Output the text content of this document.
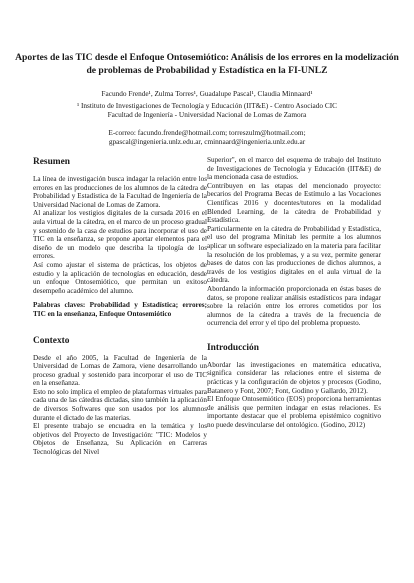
Aportes de las TIC desde el Enfoque Ontosemiótico: Análisis de los errores en la modelización de problemas de Probabilidad y Estadística en la FI-UNLZ
Facundo Frende¹, Zulma Torres¹, Guadalupe Pascal¹, Claudia Minnaard¹
¹ Instituto de Investigaciones de Tecnología y Educación (IIT&E) - Centro Asociado CIC
Facultad de Ingeniería - Universidad Nacional de Lomas de Zamora
E-correo: facundo.frende@hotmail.com; torreszulm@hotmail.com;
gpascal@ingenieria.unlz.edu.ar, cminnaard@ingenieria.unlz.edu.ar
Resumen

La línea de investigación busca indagar la relación entre los errores en las producciones de los alumnos de la cátedra de Probabilidad y Estadística de la Facultad de Ingeniería de la Universidad Nacional de Lomas de Zamora.

Al analizar los vestigios digitales de la cursada 2016 en el aula virtual de la cátedra, en el marco de un proceso gradual y sostenido de la casa de estudios para incorporar el uso de TIC en la enseñanza, se propone aportar elementos para el diseño de un modelo que describa la tipología de los errores.

Así como ajustar el sistema de prácticas, los objetos de estudio y la aplicación de tecnologías en educación, desde un enfoque Ontosemiótico, que permitan un exitoso desempeño académico del alumno.

Palabras claves: Probabilidad y Estadística; errores; TIC en la enseñanza, Enfoque Ontosemiótico

Contexto

Desde el año 2005, la Facultad de Ingeniería de la Universidad de Lomas de Zamora, viene desarrollando un proceso gradual y sostenido para incorporar el uso de TIC en la enseñanza.

Esto no solo implica el empleo de plataformas virtuales para cada una de las cátedras dictadas, sino también la aplicación de diversos Softwares que son usados por los alumnos durante el dictado de las materias.

El presente trabajo se encuadra en la temática y los objetivos del Proyecto de Investigación: "TIC: Modelos y Objetos de Enseñanza, Su Aplicación en Carreras Tecnológicas del Nivel

Superior", en el marco del esquema de trabajo del Instituto de Investigaciones de Tecnología y Educación (IIT&E) de la mencionada casa de estudios.

Contribuyen en las etapas del mencionado proyecto: becarios del Programa Becas de Estímulo a las Vocaciones Científicas 2016 y docentes/tutores en la modalidad Blended Learning, de la cátedra de Probabilidad y Estadística.

Particularmente en la cátedra de Probabilidad y Estadística, el uso del programa Minitab les permite a los alumnos aplicar un software especializado en la materia para facilitar la resolución de los problemas, y a su vez, permite generar bases de datos con las producciones de dichos alumnos, a través de los vestigios digitales en el aula virtual de la cátedra.

Abordando la información proporcionada en éstas bases de datos, se propone realizar análisis estadísticos para indagar sobre la relación entre los errores cometidos por los alumnos de la cátedra a través de la frecuencia de ocurrencia del error y el tipo del problema propuesto.

Introducción

Abordar las investigaciones en matemática educativa, significa considerar las relaciones entre el sistema de prácticas y la configuración de objetos y procesos (Godino, Batanero y Font, 2007; Font, Godino y Gallardo, 2012).

El Enfoque Ontosemiótico (EOS) proporciona herramientas de análisis que permiten indagar en estas relaciones. Es importante destacar que el problema epistémico cognitivo no puede desvincularse del ontológico. (Godino, 2012)
